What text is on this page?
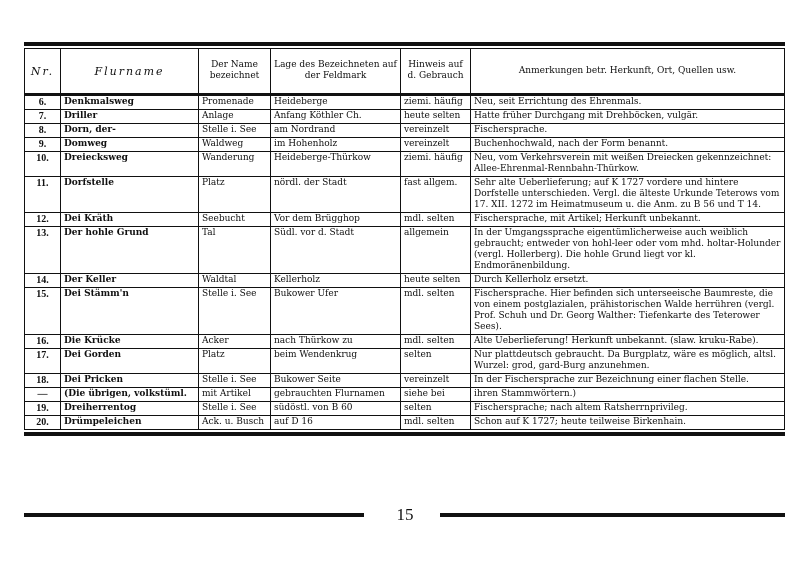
Nr.	Flurname	Der Name bezeichnet	Lage des Bezeichneten auf der Feldmark	Hinweis auf d. Gebrauch	Anmerkungen betr. Herkunft, Ort, Quellen usw.
6.	Denkmalsweg	Promenade	Heideberge	ziemi. häufig	Neu, seit Errichtung des Ehrenmals.
7.	Driller	Anlage	Anfang Köthler Ch.	heute selten	Hatte früher Durchgang mit Drehböcken, vulgär.
8.	Dorn, der-	Stelle i. See	am Nordrand	vereinzelt	Fischersprache.
9.	Domweg	Waldweg	im Hohenholz	vereinzelt	Buchenhochwald, nach der Form benannt.
10.	Dreiecksweg	Wanderung	Heideberge-Thürkow	ziemi. häufig	Neu, vom Verkehrsverein mit weißen Dreiecken gekennzeichnet: Allee-Ehrenmal-Rennbahn-Thürkow.
11.	Dorfstelle	Platz	nördl. der Stadt	fast allgem.	Sehr alte Ueberlieferung; auf K 1727 vordere und hintere Dorfstelle unterschieden. Vergl. die älteste Urkunde Teterows vom 17. XII. 1272 im Heimatmuseum u. die Anm. zu B 56 und T 14.
12.	Dei Kräth	Seebucht	Vor dem Brügghop	mdl. selten	Fischersprache, mit Artikel; Herkunft unbekannt.
13.	Der hohle Grund	Tal	Südl. vor d. Stadt	allgemein	In der Umgangssprache eigentümlicherweise auch weiblich gebraucht; entweder von hohl-leer oder vom mhd. holtar-Holunder (vergl. Hollerberg). Die hohle Grund liegt vor kl. Endmoränenbildung.
14.	Der Keller	Waldtal	Kellerholz	heute selten	Durch Kellerholz ersetzt.
15.	Dei Stämm'n	Stelle i. See	Bukower Ufer	mdl. selten	Fischersprache. Hier befinden sich unterseeische Baumreste, die von einem postglazialen, prähistorischen Walde herrühren (vergl. Prof. Schuh und Dr. Georg Walther: Tiefenkarte des Teterower Sees).
16.	Die Krücke	Acker	nach Thürkow zu	mdl. selten	Alte Ueberlieferung! Herkunft unbekannt. (slaw. kruku-Rabe).
17.	Dei Gorden	Platz	beim Wendenkrug	selten	Nur plattdeutsch gebraucht. Da Burgplatz, wäre es möglich, altsl. Wurzel: grod, gard-Burg anzunehmen.
18.	Dei Pricken	Stelle i. See	Bukower Seite	vereinzelt	In der Fischersprache zur Bezeichnung einer flachen Stelle.
—	(Die übrigen, volkstüml.	mit Artikel	gebrauchten Flurnamen	siehe bei	ihren Stammwörtern.)
19.	Dreiherrentog	Stelle i. See	südöstl. von B 60	selten	Fischersprache; nach altem Ratsherrnprivileg.
20.	Drümpeleichen	Ack. u. Busch	auf D 16	mdl. selten	Schon auf K 1727; heute teilweise Birkenhain.
15
